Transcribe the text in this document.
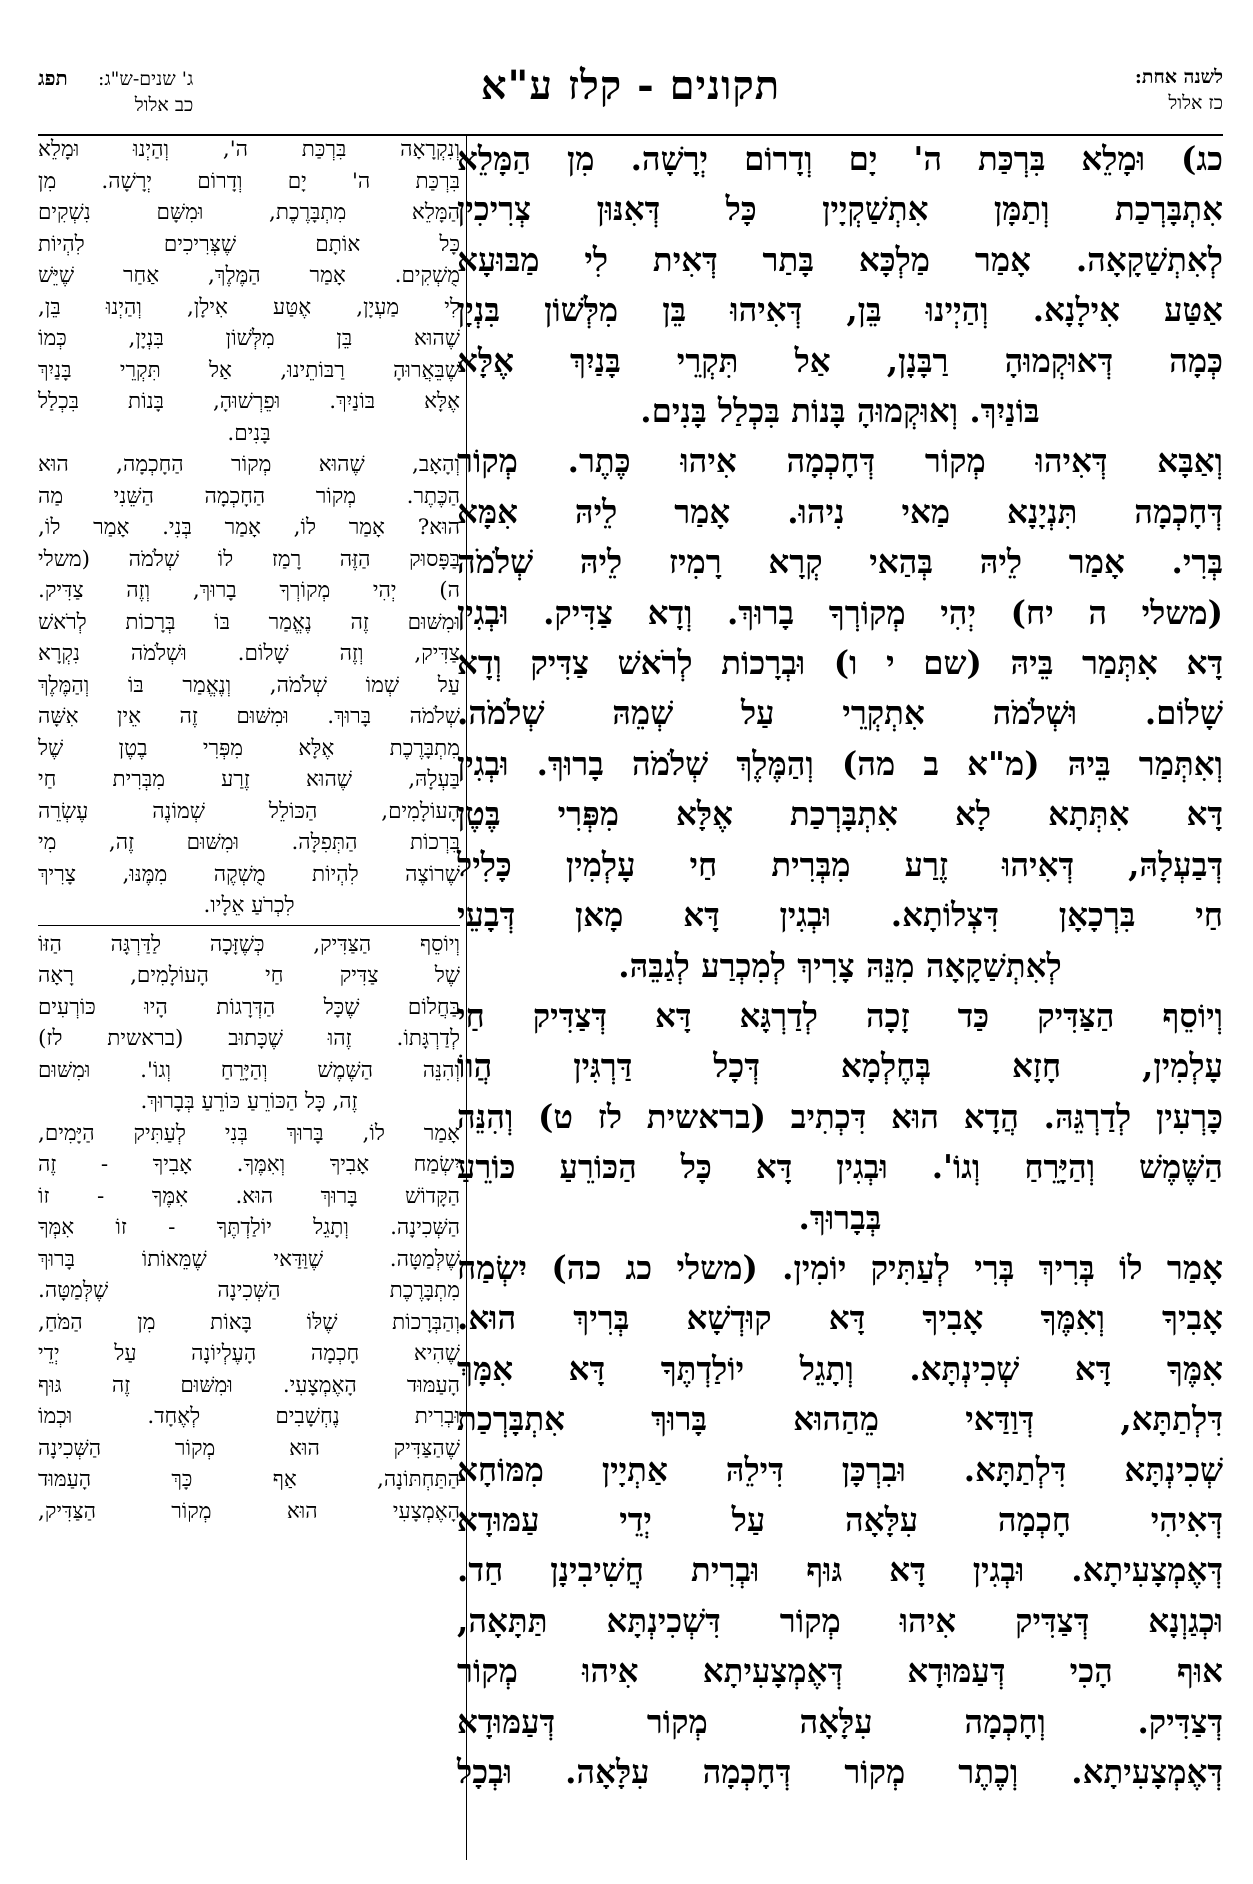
לשנה אחת:
כז אלול
תקונים - קלז ע"א
ג' שנים-ש"ג:
כב אלול
תפג

כג) וּמָלֵא בִּרְכַּת ה' יָם וְדָרוֹם יְרָשָׁה. מִן הַמָּלֵא

אִתְבָּרְכַת וְתַמָּן אִתְשַׁקְיָין כָּל דְּאִנּוּן צְרִיכִין

לְאִתְשַׁקָאָה. אָמַר מַלְכָּא בָּתַר דְּאִית לִי מַבּוּעָא

אַטַּע אִילָנָא. וְהַיְינוּ בֵּן, דְּאִיהוּ בֵּן מִלְּשׁוֹן בִּנְיָן

כְּמָה דְּאוּקְמוּהָ רַבָּנָן, אַל תִּקְרֵי בָּנַיִךְ אֶלָּא

בּוֹנַיִךְ. וְאוּקְמוּהָ בָּנוֹת בִּכְלַל בָּנִים.

וְאַבָּא דְּאִיהוּ מְקוֹר דְּחָכְמָה אִיהוּ כֶּתֶר. מְקוֹר

דְּחָכְמָה תִּנְיָנָא מַאי נִיהוּ. אָמַר לֵיהּ אִמָּא

בְּרִי. אָמַר לֵיהּ בְּהַאי קְרָא רָמִיז לֵיהּ שְׁלֹמֹה

(משלי ה יח) יְהִי מְקוֹרְךָ בָרוּךְ. וְדָא צַדִּיק. וּבְגִין

דָּא אִתְּמַר בֵּיהּ (שם י ו) וּבְרָכוֹת לְרֹאשׁ צַדִּיק וְדָא

שָׁלוֹם. וּשְׁלֹמֹה אִתְקְרֵי עַל שְׁמֵהּ שְׁלֹמֹה.

וְאִתְּמַר בֵּיהּ (מ"א ב מה) וְהַמֶּלֶךְ שְׁלֹמֹה בָרוּךְ. וּבְגִין

דָּא אִתְּתָא לָא אִתְבָּרְכַת אֶלָּא מִפְּרִי בֶּטֶן

דְּבַעְלָהּ, דְּאִיהוּ זֶרַע מִבְּרִית חַי עָלְמִין כָּלִיל

חַי בִּרְכָאָן דִּצְלוֹתָא. וּבְגִין דָּא מָאן דְּבָעֵי

לְאִתְשַׁקָאָה מִנֵּהּ צָרִיךְ לְמִכְרַע לְגַבֵּהּ.

וְיוֹסֵף הַצַּדִּיק כַּד זָכָה לְדַרְגָּא דָּא דְּצַדִּיק חַי

עָלְמִין, חָזָא בְּחֶלְמָא דְּכָל דַּרְגִּין הֲווֹ

כָּרְעִין לְדַרְגֵּהּ. הֲדָא הוּא דִּכְתִיב (בראשית לז ט) וְהִנֵּה

הַשֶּׁמֶשׁ וְהַיָּרֵחַ וְגוֹ'. וּבְגִין דָּא כָּל הַכּוֹרֵעַ כּוֹרֵעַ

בְּבָרוּךְ.

אָמַר לוֹ בְּרִיךְ בְּרִי לְעַתִּיק יוֹמִין. (משלי כג כה) יִשְׂמַח

אָבִיךָ וְאִמֶּךָ אָבִיךָ דָּא קוּדְשָׁא בְּרִיךְ הוּא.

אִמֶּךָ דָּא שְׁכִינְתָּא. וְתָגֵל יוֹלַדְתֶּךָ דָּא אִמָּךְ

דִּלְתַתָּא, דְּוַדַּאי מֵהַהוּא בָּרוּךְ אִתְבָּרְכַת

שְׁכִינְתָּא דִּלְתַתָּא. וּבִרְכָּן דִּילֵהּ אַתְיָין מִמּוֹחָא

דְּאִיהִי חָכְמָה עִלָּאָה עַל יְדֵי עַמּוּדָא

דְּאֶמְצָעִיתָא. וּבְגִין דָּא גּוּף וּבְרִית חֲשִׁיבִינָן חַד.

וּכְגַוְנָא דְּצַדִּיק אִיהוּ מְקוֹר דִּשְׁכִינְתָּא תַּתָּאָה,

אוּף הָכִי דְּעַמּוּדָא דְּאֶמְצָעִיתָא אִיהוּ מְקוֹר

דְּצַדִּיק. וְחָכְמָה עִלָּאָה מְקוֹר דְּעַמּוּדָא

דְּאֶמְצָעִיתָא. וְכֶתֶר מְקוֹר דְּחָכְמָה עִלָּאָה. וּבְכָל

וְנִקְרָאָה בִּרְכַּת ה', וְהַיְנוּ וּמָלֵא

בִּרְכַּת ה' יָם וְדָרוֹם יְרָשָׁה. מִן

הַמָּלֵא מִתְבָּרֶכֶת, וּמִשָּׁם נִשְׁקִים

כָּל אוֹתָם שֶׁצְּרִיכִים לִהְיוֹת

מֻשְׁקִים. אָמַר הַמֶּלֶךְ, אַחַר שֶׁיֵּשׁ

לִי מַעְיָן, אֶטַּע אִילָן, וְהַיְנוּ בֵּן,

שֶׁהוּא בֵּן מִלְּשׁוֹן בִּנְיָן, כְּמוֹ

שֶׁבֵּאֲרוּהָ רַבּוֹתֵינוּ, אַל תִּקְרֵי בָּנַיִךְ

אֶלָּא בּוֹנַיִךְ. וּפֵרְשׁוּהָ, בָּנוֹת בִּכְלַל

בָּנִים.

וְהָאָב, שֶׁהוּא מְקוֹר הַחָכְמָה, הוּא

הַכֶּתֶר. מְקוֹר הַחָכְמָה הַשֵּׁנִי מַה

הוּא? אָמַר לוֹ, אָמַר בְּנִי. אָמַר לוֹ,

בַּפָּסוּק הַזֶּה רָמַז לוֹ שְׁלֹמֹה (משלי

ה) יְהִי מְקוֹרְךָ בָרוּךְ, וְזֶה צַדִּיק.

וּמִשּׁוּם זֶה נֶאֱמַר בּוֹ בְּרָכוֹת לְרֹאשׁ

צַדִּיק, וְזֶה שָׁלוֹם. וּשְׁלֹמֹה נִקְרָא

עַל שְׁמוֹ שְׁלֹמֹה, וְנֶאֱמַר בּוֹ וְהַמֶּלֶךְ

שְׁלֹמֹה בָּרוּךְ. וּמִשּׁוּם זֶה אֵין אִשָּׁה

מִתְבָּרֶכֶת אֶלָּא מִפְּרִי בֶטֶן שֶׁל

בַּעְלָהּ, שֶׁהוּא זֶרַע מִבְּרִית חַי

הָעוֹלָמִים, הַכּוֹלֵל שְׁמוֹנֶה עֶשְׂרֵה

בִּרְכוֹת הַתְּפִלָּה. וּמִשּׁוּם זֶה, מִי

שֶׁרוֹצֶה לִהְיוֹת מֻשְׁקֶה מִמֶּנּוּ, צָרִיךְ

לִכְרֹעַ אֵלָיו.

וְיוֹסֵף הַצַּדִּיק, כְּשֶׁזָּכָה לַדַּרְגָּה הַזּוֹ

שֶׁל צַדִּיק חַי הָעוֹלָמִים, רָאָה

בַּחֲלוֹם שֶׁכָּל הַדְּרָגוֹת הָיוּ כּוֹרְעִים

לְדַרְגָּתוֹ. זֶהוּ שֶׁכָּתוּב (בראשית לז)

וְהִנֵּה הַשֶּׁמֶשׁ וְהַיָּרֵחַ וְגוֹ'. וּמִשּׁוּם

זֶה, כָּל הַכּוֹרֵעַ כּוֹרֵעַ בְּבָרוּךְ.

אָמַר לוֹ, בָּרוּךְ בְּנִי לְעַתִּיק הַיָּמִים,

יִשְׂמַח אָבִיךָ וְאִמֶּךָ. אָבִיךָ - זֶה

הַקָּדוֹשׁ בָּרוּךְ הוּא. אִמֶּךָ - זוֹ

הַשְּׁכִינָה. וְתָגֵל יוֹלַדְתֶּךָ - זוֹ אִמְּךָ

שֶׁלְּמַטָּה. שֶׁוַּדַּאי שֶׁמֵּאוֹתוֹ בָּרוּךְ

מִתְבָּרֶכֶת הַשְּׁכִינָה שֶׁלְּמַטָּה.

וְהַבְּרָכוֹת שֶׁלּוֹ בָּאוֹת מִן הַמֹּחַ,

שֶׁהִיא חָכְמָה הָעֶלְיוֹנָה עַל יְדֵי

הָעַמּוּד הָאֶמְצָעִי. וּמִשּׁוּם זֶה גּוּף

וּבְרִית נֶחְשָׁבִים לְאֶחָד. וּכְמוֹ

שֶׁהַצַּדִּיק הוּא מְקוֹר הַשְּׁכִינָה

הַתַּחְתּוֹנָה, אַף כָּךְ הָעַמּוּד

הָאֶמְצָעִי הוּא מְקוֹר הַצַּדִּיק,
